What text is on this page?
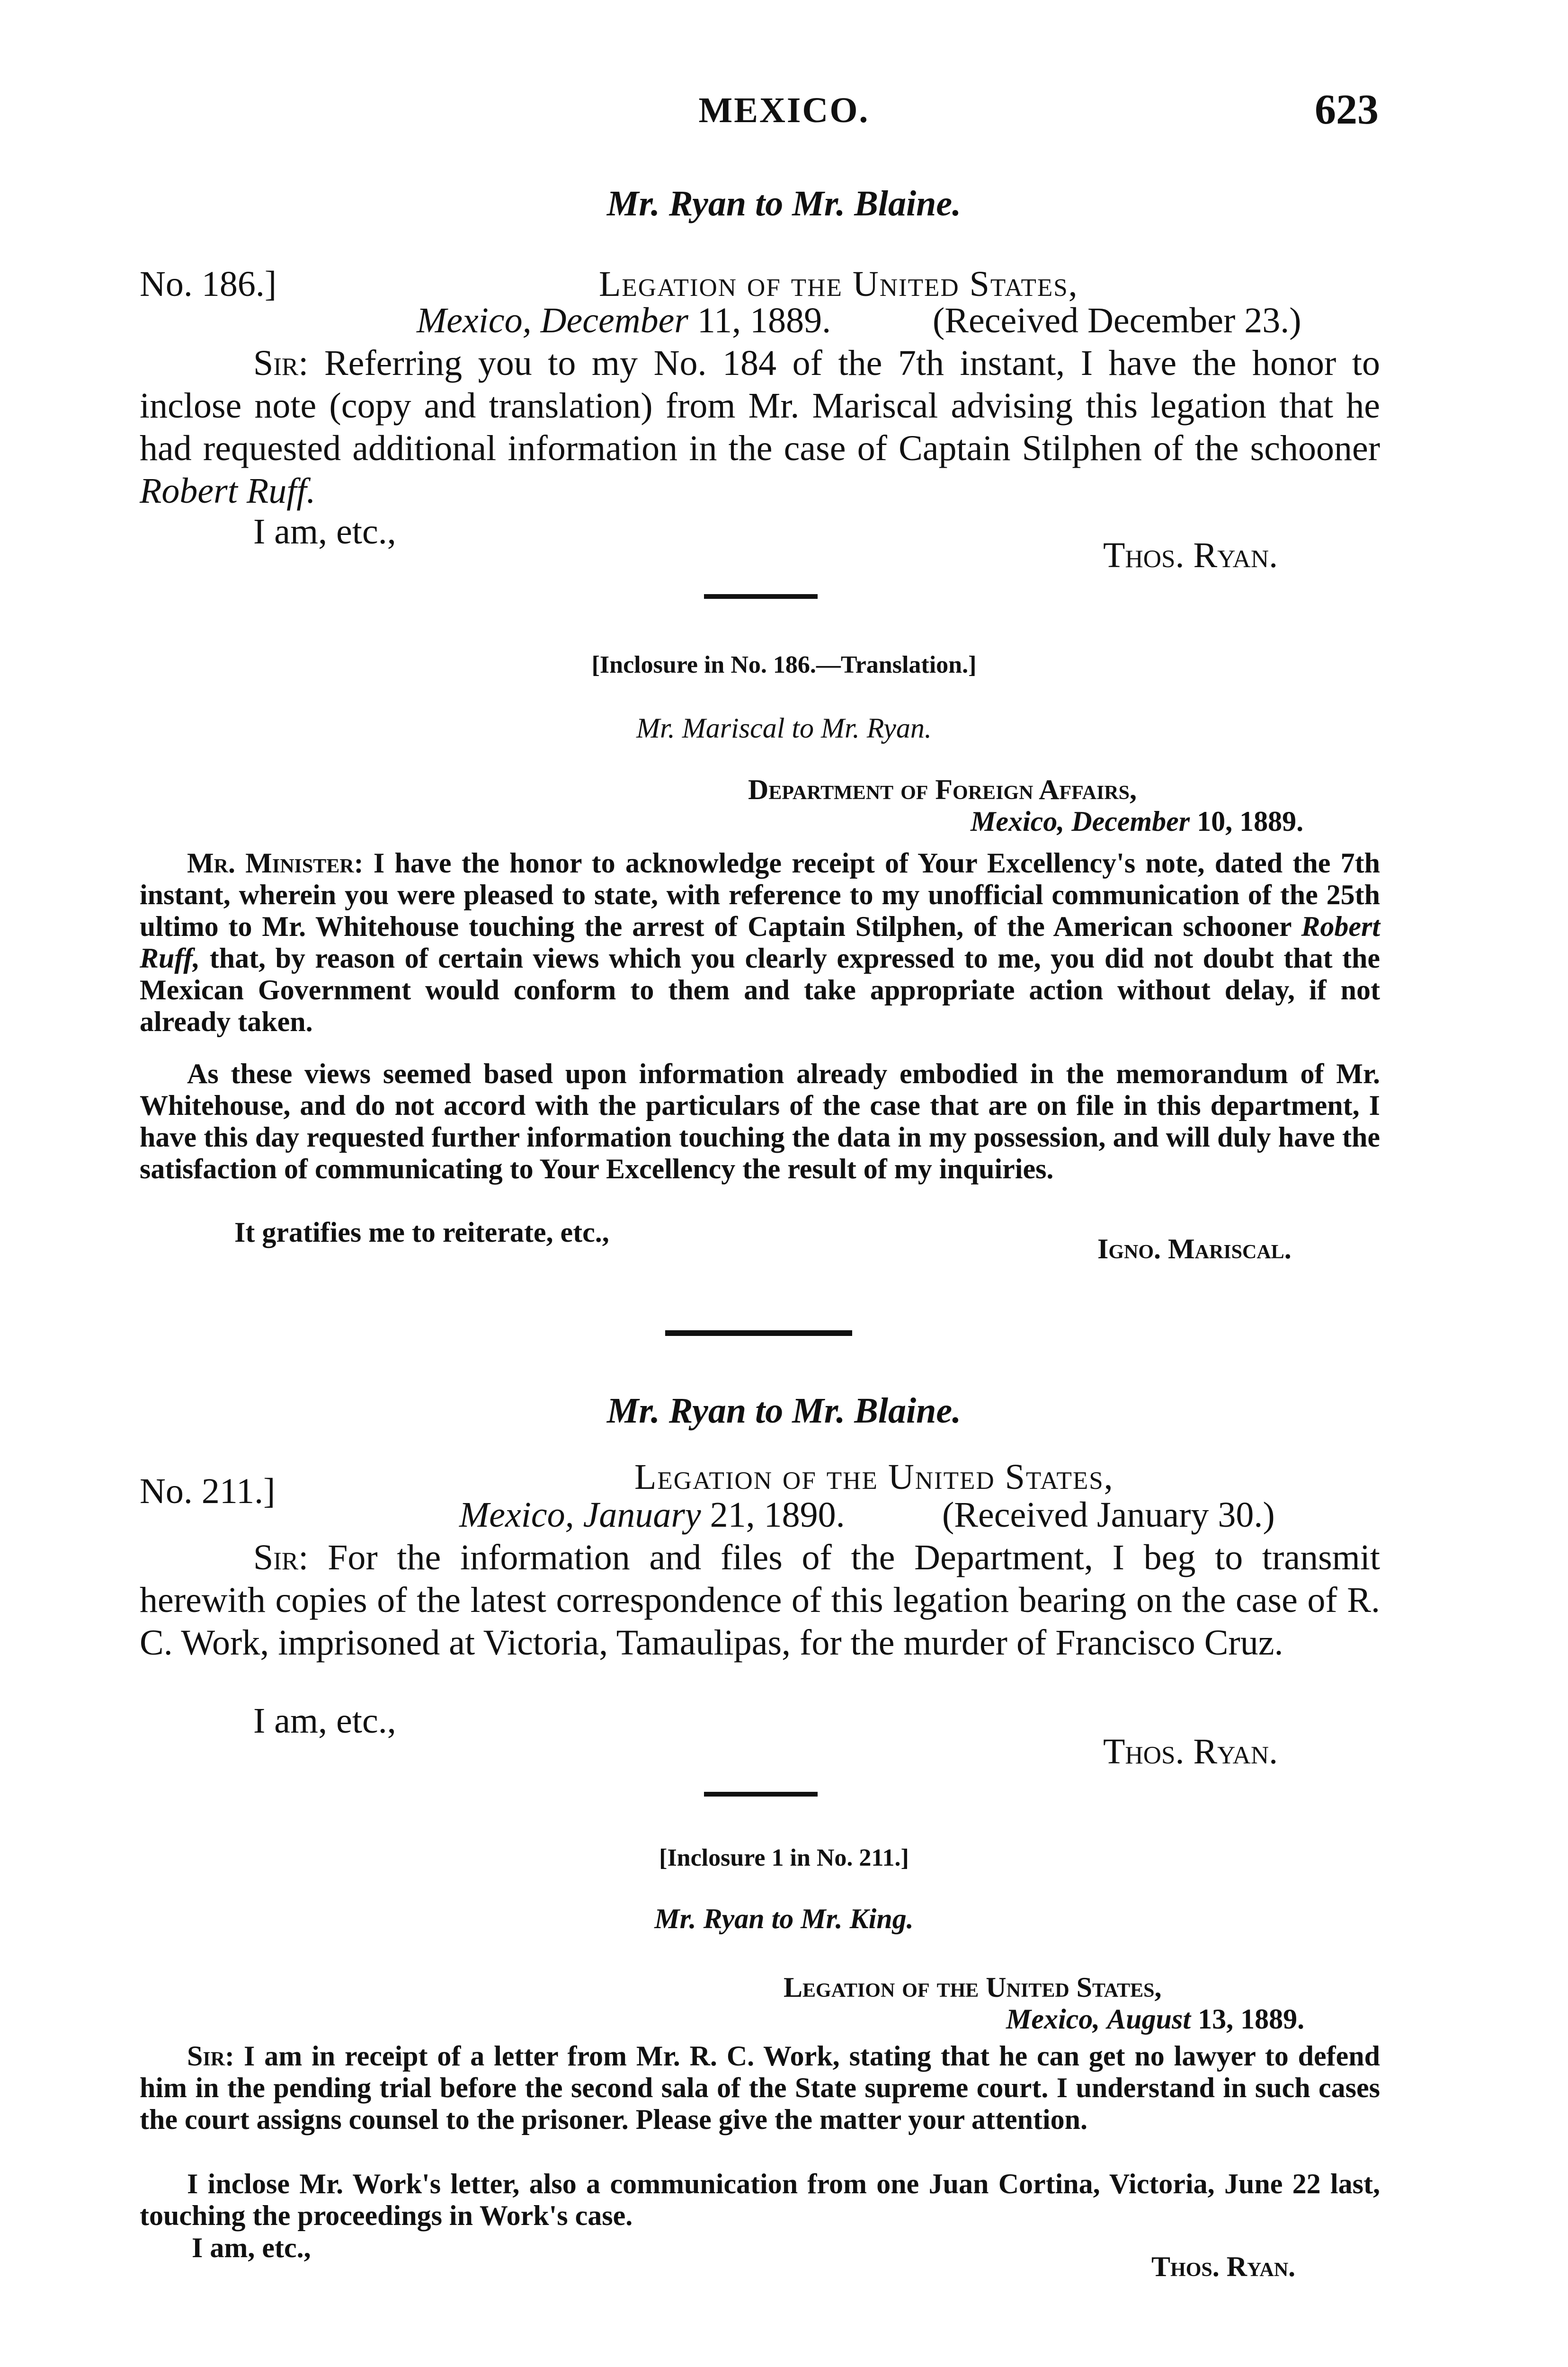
MEXICO.	623
Mr. Ryan to Mr. Blaine.
No. 186.]	Legation of the United States,
Mexico, December 11, 1889.	(Received December 23.)

Sir: Referring you to my No. 184 of the 7th instant, I have the honor to inclose note (copy and translation) from Mr. Mariscal advising this legation that he had requested additional information in the case of Captain Stilphen of the schooner Robert Ruff.

I am, etc.,
Thos. Ryan.
[Inclosure in No. 186.—Translation.]
Mr. Mariscal to Mr. Ryan.
Department of Foreign Affairs,
Mexico, December 10, 1889.

Mr. Minister: I have the honor to acknowledge receipt of Your Excellency's note, dated the 7th instant, wherein you were pleased to state, with reference to my unofficial communication of the 25th ultimo to Mr. Whitehouse touching the arrest of Captain Stilphen, of the American schooner Robert Ruff, that, by reason of certain views which you clearly expressed to me, you did not doubt that the Mexican Government would conform to them and take appropriate action without delay, if not already taken.

As these views seemed based upon information already embodied in the memorandum of Mr. Whitehouse, and do not accord with the particulars of the case that are on file in this department, I have this day requested further information touching the data in my possession, and will duly have the satisfaction of communicating to Your Excellency the result of my inquiries.

It gratifies me to reiterate, etc.,
Igno. Mariscal.
Mr. Ryan to Mr. Blaine.
No. 211.]	Legation of the United States,
Mexico, January 21, 1890.	(Received January 30.)

Sir: For the information and files of the Department, I beg to transmit herewith copies of the latest correspondence of this legation bearing on the case of R. C. Work, imprisoned at Victoria, Tamaulipas, for the murder of Francisco Cruz.

I am, etc.,
Thos. Ryan.
[Inclosure 1 in No. 211.]
Mr. Ryan to Mr. King.
Legation of the United States,
Mexico, August 13, 1889.

Sir: I am in receipt of a letter from Mr. R. C. Work, stating that he can get no lawyer to defend him in the pending trial before the second sala of the State supreme court. I understand in such cases the court assigns counsel to the prisoner. Please give the matter your attention.

I inclose Mr. Work's letter, also a communication from one Juan Cortina, Victoria, June 22 last, touching the proceedings in Work's case.

I am, etc.,
Thos. Ryan.
